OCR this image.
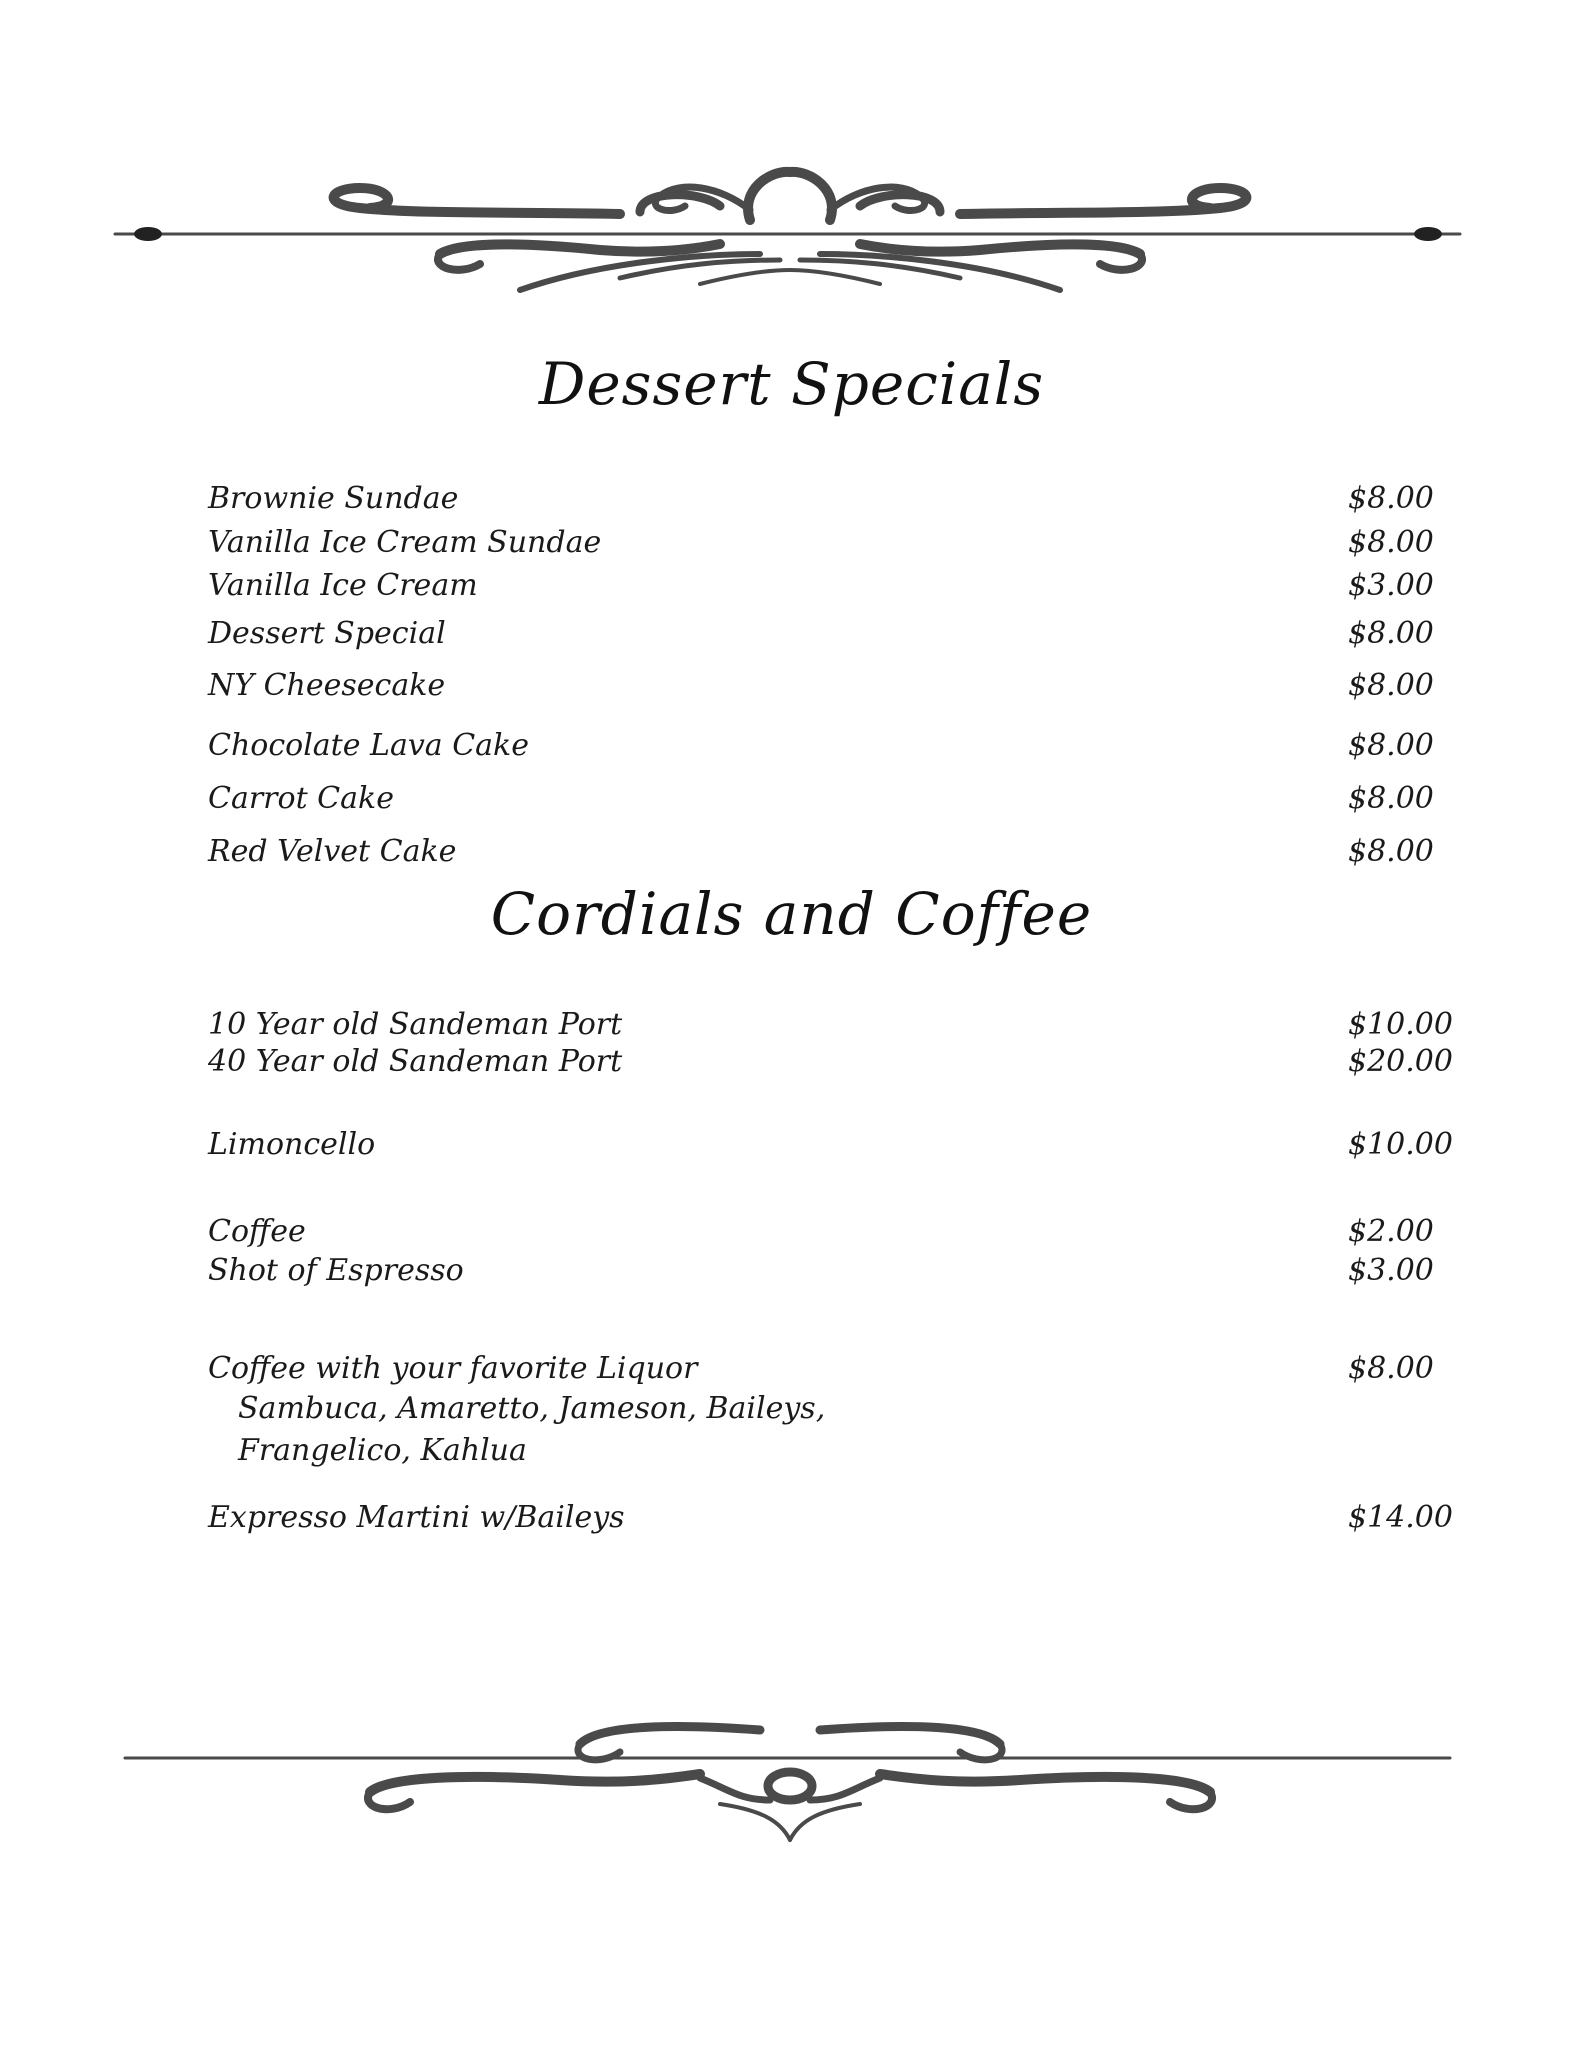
Dessert Specials
Brownie Sundae	$8.00
Vanilla Ice Cream Sundae	$8.00
Vanilla Ice Cream	$3.00
Dessert Special	$8.00
NY Cheesecake	$8.00
Chocolate Lava Cake	$8.00
Carrot Cake	$8.00
Red Velvet Cake	$8.00
Cordials and Coffee
10 Year old Sandeman Port	$10.00
40 Year old Sandeman Port	$20.00
Limoncello	$10.00
Coffee	$2.00
Shot of Espresso	$3.00
Coffee with your favorite Liquor	$8.00
Sambuca, Amaretto, Jameson, Baileys,
Frangelico, Kahlua
Expresso Martini w/Baileys	$14.00
